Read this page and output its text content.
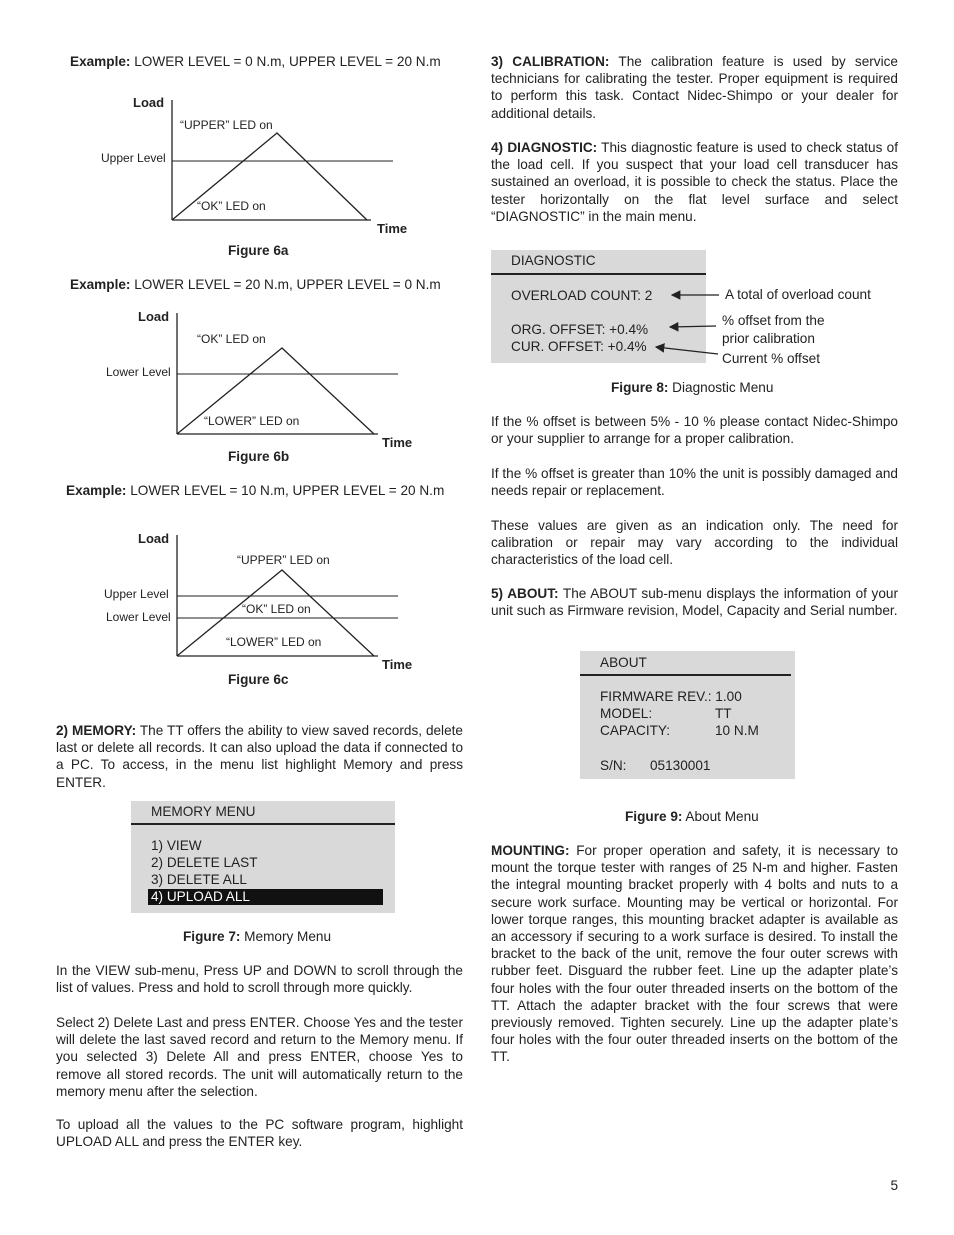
Example: LOWER LEVEL = 0 N.m, UPPER LEVEL = 20 N.m
Load
Time
Upper Level
“UPPER” LED on
“OK” LED on
Figure 6a
Example: LOWER LEVEL = 20 N.m, UPPER LEVEL = 0 N.m
Load
Time
Lower Level
“OK” LED on
“LOWER” LED on
Figure 6b
Example: LOWER LEVEL = 10 N.m, UPPER LEVEL = 20 N.m
Load
Time
Upper Level
Lower Level
“UPPER” LED on
“OK” LED on
“LOWER” LED on
Figure 6c
2) MEMORY: The TT offers the ability to view saved records, delete last or delete all records. It can also upload the data if connected to a PC. To access, in the menu list highlight Memory and press ENTER.
MEMORY MENU
1) VIEW
2) DELETE LAST
3) DELETE ALL
4) UPLOAD ALL
Figure 7: Memory Menu
In the VIEW sub-menu, Press UP and DOWN to scroll through the list of values. Press and hold to scroll through more quickly.
Select 2) Delete Last and press ENTER. Choose Yes and the tester will delete the last saved record and return to the Memory menu. If you selected 3) Delete All and press ENTER, choose Yes to remove all stored records. The unit will automatically return to the memory menu after the selection.
To upload all the values to the PC software program, highlight UPLOAD ALL and press the ENTER key.
3) CALIBRATION: The calibration feature is used by service technicians for calibrating the tester. Proper equipment is required to perform this task. Contact Nidec-Shimpo or your dealer for additional details.
4) DIAGNOSTIC: This diagnostic feature is used to check status of the load cell. If you suspect that your load cell transducer has sustained an overload, it is possible to check the status. Place the tester horizontally on the flat level surface and select “DIAGNOSTIC” in the main menu.
DIAGNOSTIC
OVERLOAD COUNT: 2
ORG. OFFSET: +0.4%
CUR. OFFSET: +0.4%
A total of overload count
% offset from the
prior calibration
Current % offset
Figure 8: Diagnostic Menu
If the % offset is between 5% - 10 % please contact Nidec-Shimpo or your supplier to arrange for a proper calibration.
If the % offset is greater than 10% the unit is possibly damaged and needs repair or replacement.
These values are given as an indication only. The need for calibration or repair may vary according to the individual characteristics of the load cell.
5) ABOUT: The ABOUT sub-menu displays the information of your unit such as Firmware revision, Model, Capacity and Serial number.
ABOUT
FIRMWARE REV.: 1.00
MODEL:	TT
CAPACITY:	10 N.M
S/N: 05130001
Figure 9: About Menu
MOUNTING: For proper operation and safety, it is necessary to mount the torque tester with ranges of 25 N-m and higher. Fasten the integral mounting bracket properly with 4 bolts and nuts to a secure work surface. Mounting may be vertical or horizontal. For lower torque ranges, this mounting bracket adapter is available as an accessory if securing to a work surface is desired. To install the bracket to the back of the unit, remove the four outer screws with rubber feet. Disguard the rubber feet. Line up the adapter plate’s four holes with the four outer threaded inserts on the bottom of the TT. Attach the adapter bracket with the four screws that were previously removed. Tighten securely. Line up the adapter plate’s four holes with the four outer threaded inserts on the bottom of the TT.
5
